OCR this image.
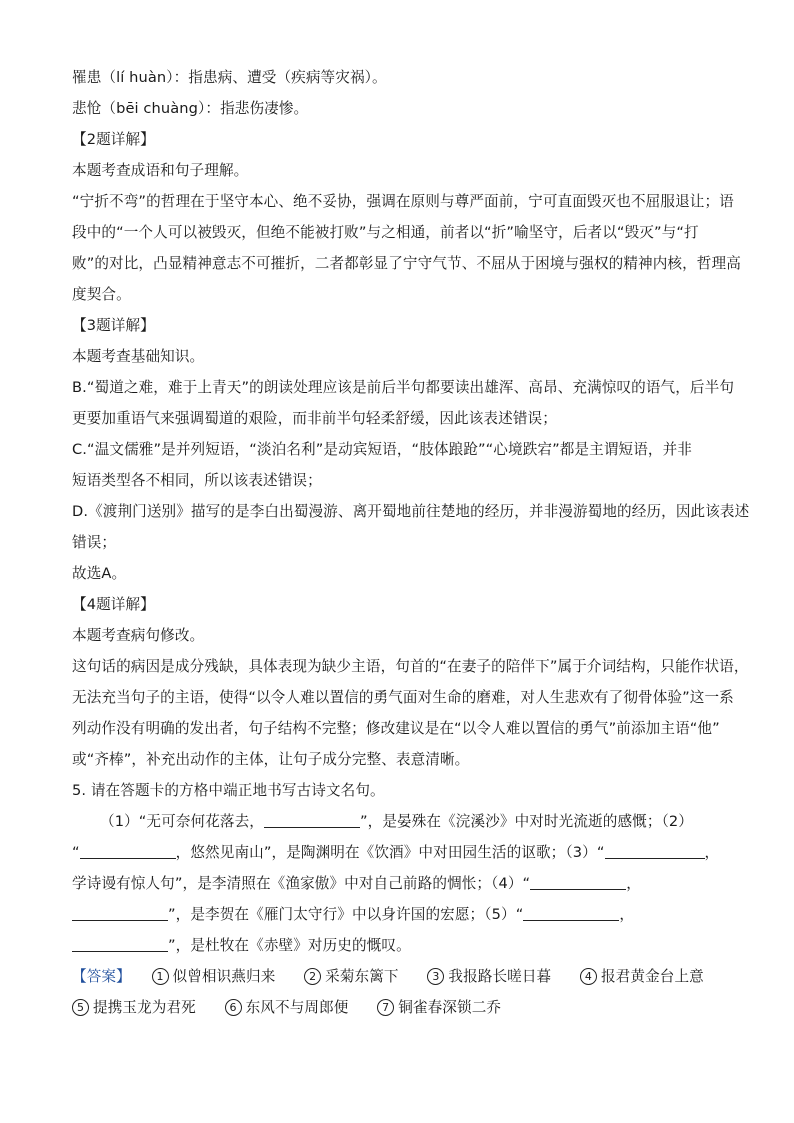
罹患（lí huàn）：指患病、遭受（疾病等灾祸）。
悲怆（bēi chuàng）：指悲伤凄惨。
【2题详解】
本题考查成语和句子理解。
“宁折不弯”的哲理在于坚守本心、绝不妥协，强调在原则与尊严面前，宁可直面毁灭也不屈服退让；语
段中的“一个人可以被毁灭，但绝不能被打败”与之相通，前者以“折”喻坚守，后者以“毁灭”与“打
败”的对比，凸显精神意志不可摧折，二者都彰显了宁守气节、不屈从于困境与强权的精神内核，哲理高
度契合。
【3题详解】
本题考查基础知识。
B.“蜀道之难，难于上青天”的朗读处理应该是前后半句都要读出雄浑、高昂、充满惊叹的语气，后半句
更要加重语气来强调蜀道的艰险，而非前半句轻柔舒缓，因此该表述错误；
C.“温文儒雅”是并列短语，“淡泊名利”是动宾短语，“肢体踉跄”“心境跌宕”都是主谓短语，并非
短语类型各不相同，所以该表述错误；
D.《渡荆门送别》描写的是李白出蜀漫游、离开蜀地前往楚地的经历，并非漫游蜀地的经历，因此该表述
错误；
故选A。
【4题详解】
本题考查病句修改。
这句话的病因是成分残缺，具体表现为缺少主语，句首的“在妻子的陪伴下”属于介词结构，只能作状语，
无法充当句子的主语，使得“以令人难以置信的勇气面对生命的磨难，对人生悲欢有了彻骨体验”这一系
列动作没有明确的发出者，句子结构不完整；修改建议是在“以令人难以置信的勇气”前添加主语“他”
或“齐棒”，补充出动作的主体，让句子成分完整、表意清晰。
5. 请在答题卡的方格中端正地书写古诗文名句。
（1）“无可奈何花落去，	”，是晏殊在《浣溪沙》中对时光流逝的感慨；（2）
“	，悠然见南山”，是陶渊明在《饮酒》中对田园生活的讴歌；（3）“	，
学诗谩有惊人句”，是李清照在《渔家傲》中对自己前路的惆怅；（4）“	，
”，是李贺在《雁门太守行》中以身许国的宏愿；（5）“	，
”，是杜牧在《赤壁》对历史的慨叹。
【答案】 1 似曾相识燕归来	2 采菊东篱下	3 我报路长嗟日暮	4 报君黄金台上意
5 提携玉龙为君死	6 东风不与周郎便	7 铜雀春深锁二乔
